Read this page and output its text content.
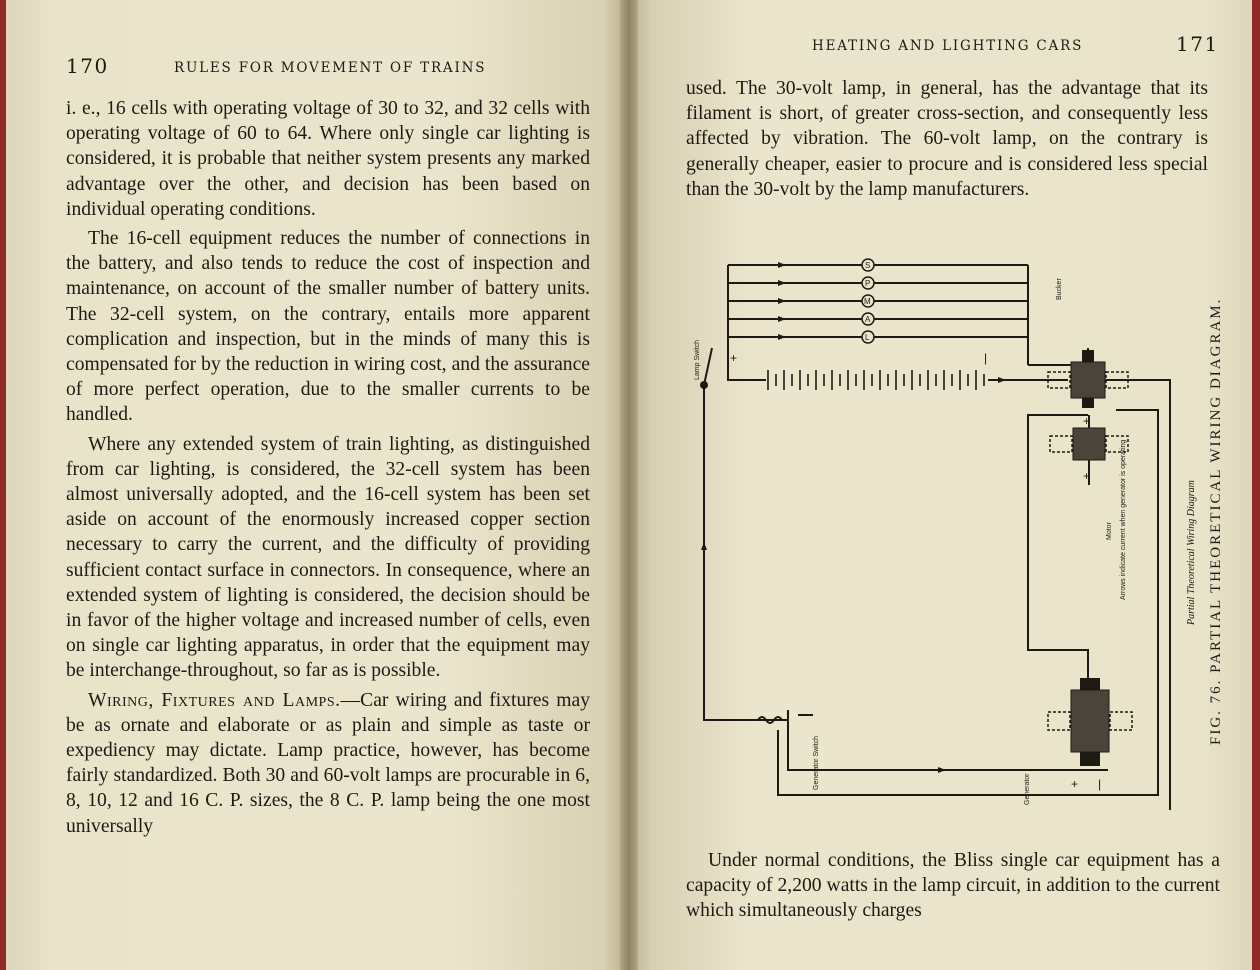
170	RULES FOR MOVEMENT OF TRAINS

i. e., 16 cells with operating voltage of 30 to 32, and 32 cells with operating voltage of 60 to 64. Where only single car lighting is considered, it is probable that neither system presents any marked advantage over the other, and decision has been based on individual operating conditions.

The 16-cell equipment reduces the number of connections in the battery, and also tends to reduce the cost of inspection and maintenance, on account of the smaller number of battery units. The 32-cell system, on the contrary, entails more apparent complication and inspection, but in the minds of many this is compensated for by the reduction in wiring cost, and the assurance of more perfect operation, due to the smaller currents to be handled.

Where any extended system of train lighting, as distinguished from car lighting, is considered, the 32-cell system has been almost universally adopted, and the 16-cell system has been set aside on account of the enormously increased copper section necessary to carry the current, and the difficulty of providing sufficient contact surface in connectors. In consequence, where an extended system of lighting is considered, the decision should be in favor of the higher voltage and increased number of cells, even on single car lighting apparatus, in order that the equipment may be interchange-throughout, so far as is possible.

Wiring, Fixtures and Lamps.—Car wiring and fixtures may be as ornate and elaborate or as plain and simple as taste or expediency may dictate. Lamp practice, however, has become fairly standardized. Both 30 and 60-volt lamps are procurable in 6, 8, 10, 12 and 16 C. P. sizes, the 8 C. P. lamp being the one most universally

HEATING AND LIGHTING CARS	171

used. The 30-volt lamp, in general, has the advantage that its filament is short, of greater cross-section, and consequently less affected by vibration. The 60-volt lamp, on the contrary is generally cheaper, easier to procure and is considered less special than the 30-volt by the lamp manufacturers.

L
A
M
P
S
+	|
+
+
+ |
Lamp Switch
Generator Switch
Bucker
Motor Arrows indicate current when generator is operating
Generator
Partial Theoretical Wiring Diagram FIG. 76. PARTIAL THEORETICAL WIRING DIAGRAM.

Under normal conditions, the Bliss single car equipment has a capacity of 2,200 watts in the lamp circuit, in addition to the current which simultaneously charges
